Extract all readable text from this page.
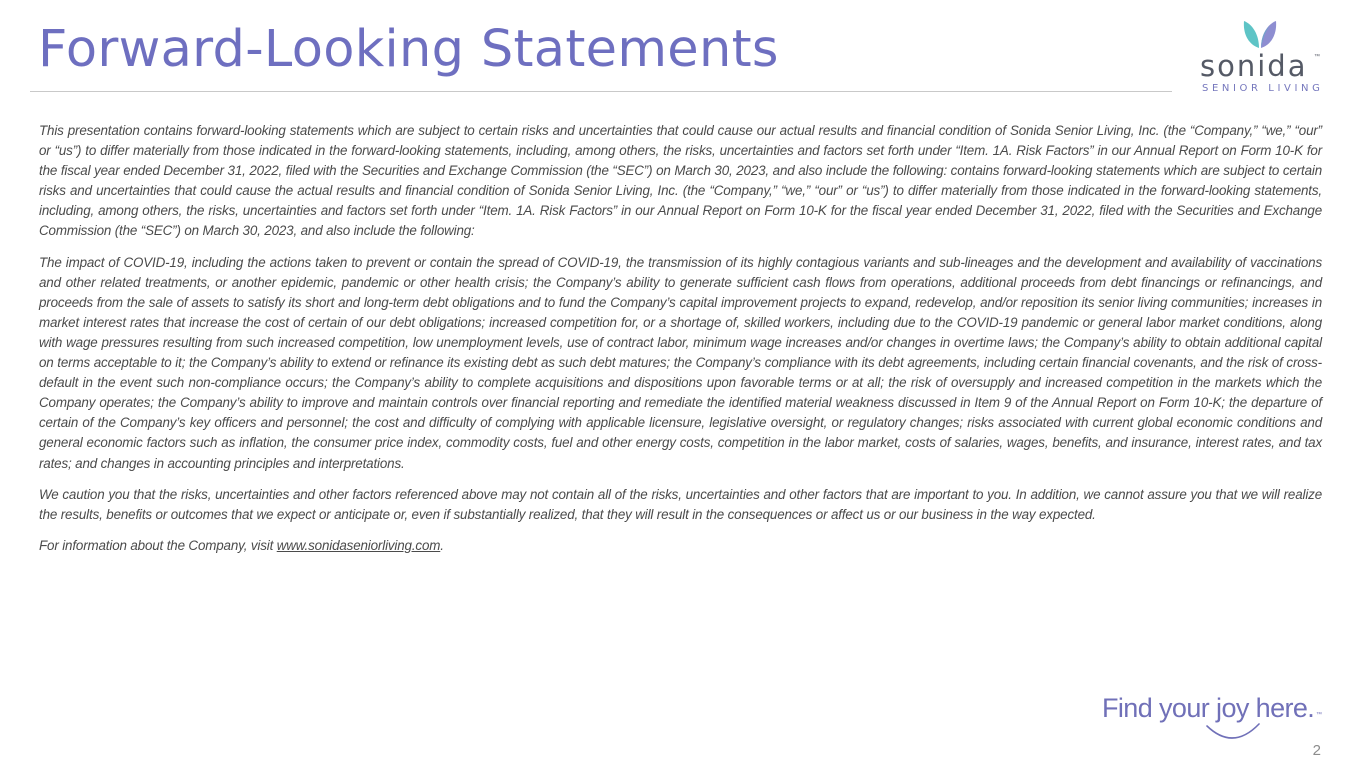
Forward-Looking Statements	sonida ™
SENIOR LIVING

This presentation contains forward-looking statements which are subject to certain risks and uncertainties that could cause our actual results and financial condition of Sonida Senior Living, Inc. (the “Company,” “we,” “our” or “us”) to differ materially from those indicated in the forward-looking statements, including, among others, the risks, uncertainties and factors set forth under “Item. 1A. Risk Factors” in our Annual Report on Form 10-K for the fiscal year ended December 31, 2022, filed with the Securities and Exchange Commission (the “SEC”) on March 30, 2023, and also include the following: contains forward-looking statements which are subject to certain risks and uncertainties that could cause the actual results and financial condition of Sonida Senior Living, Inc. (the “Company,” “we,” “our” or “us”) to differ materially from those indicated in the forward-looking statements, including, among others, the risks, uncertainties and factors set forth under “Item. 1A. Risk Factors” in our Annual Report on Form 10-K for the fiscal year ended December 31, 2022, filed with the Securities and Exchange Commission (the “SEC”) on March 30, 2023, and also include the following:

The impact of COVID-19, including the actions taken to prevent or contain the spread of COVID-19, the transmission of its highly contagious variants and sub-lineages and the development and availability of vaccinations and other related treatments, or another epidemic, pandemic or other health crisis; the Company’s ability to generate sufficient cash flows from operations, additional proceeds from debt financings or refinancings, and proceeds from the sale of assets to satisfy its short and long-term debt obligations and to fund the Company’s capital improvement projects to expand, redevelop, and/or reposition its senior living communities; increases in market interest rates that increase the cost of certain of our debt obligations; increased competition for, or a shortage of, skilled workers, including due to the COVID-19 pandemic or general labor market conditions, along with wage pressures resulting from such increased competition, low unemployment levels, use of contract labor, minimum wage increases and/or changes in overtime laws; the Company’s ability to obtain additional capital on terms acceptable to it; the Company’s ability to extend or refinance its existing debt as such debt matures; the Company’s compliance with its debt agreements, including certain financial covenants, and the risk of cross-default in the event such non-compliance occurs; the Company’s ability to complete acquisitions and dispositions upon favorable terms or at all; the risk of oversupply and increased competition in the markets which the Company operates; the Company’s ability to improve and maintain controls over financial reporting and remediate the identified material weakness discussed in Item 9 of the Annual Report on Form 10-K; the departure of certain of the Company’s key officers and personnel; the cost and difficulty of complying with applicable licensure, legislative oversight, or regulatory changes; risks associated with current global economic conditions and general economic factors such as inflation, the consumer price index, commodity costs, fuel and other energy costs, competition in the labor market, costs of salaries, wages, benefits, and insurance, interest rates, and tax rates; and changes in accounting principles and interpretations.

We caution you that the risks, uncertainties and other factors referenced above may not contain all of the risks, uncertainties and other factors that are important to you. In addition, we cannot assure you that we will realize the results, benefits or outcomes that we expect or anticipate or, even if substantially realized, that they will result in the consequences or affect us or our business in the way expected.

For information about the Company, visit www.sonidaseniorliving.com.

Find your joy here. ™
2
